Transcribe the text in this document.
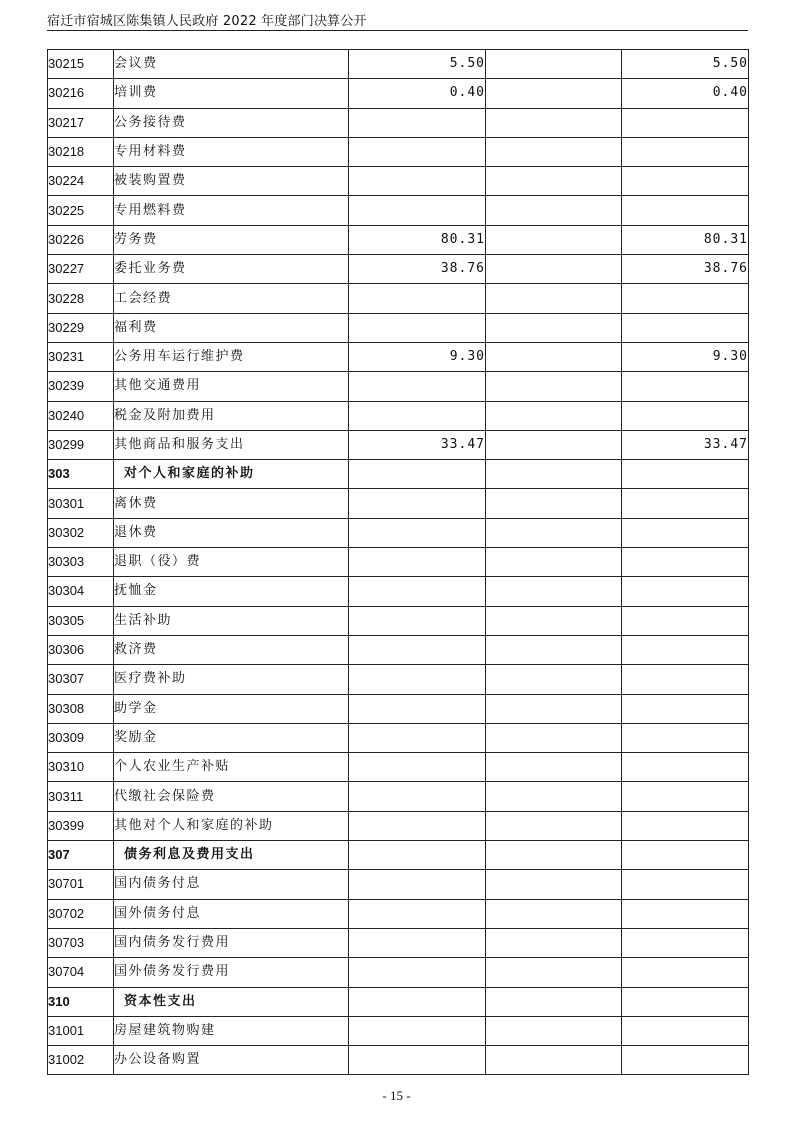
宿迁市宿城区陈集镇人民政府 2022 年度部门决算公开
30215	会议费	5.50		5.50
30216	培训费	0.40		0.40
30217	公务接待费			
30218	专用材料费			
30224	被装购置费			
30225	专用燃料费			
30226	劳务费	80.31		80.31
30227	委托业务费	38.76		38.76
30228	工会经费			
30229	福利费			
30231	公务用车运行维护费	9.30		9.30
30239	其他交通费用			
30240	税金及附加费用			
30299	其他商品和服务支出	33.47		33.47
303	对个人和家庭的补助			
30301	离休费			
30302	退休费			
30303	退职（役）费			
30304	抚恤金			
30305	生活补助			
30306	救济费			
30307	医疗费补助			
30308	助学金			
30309	奖励金			
30310	个人农业生产补贴			
30311	代缴社会保险费			
30399	其他对个人和家庭的补助			
307	债务利息及费用支出			
30701	国内债务付息			
30702	国外债务付息			
30703	国内债务发行费用			
30704	国外债务发行费用			
310	资本性支出			
31001	房屋建筑物购建			
31002	办公设备购置			
- 15 -
